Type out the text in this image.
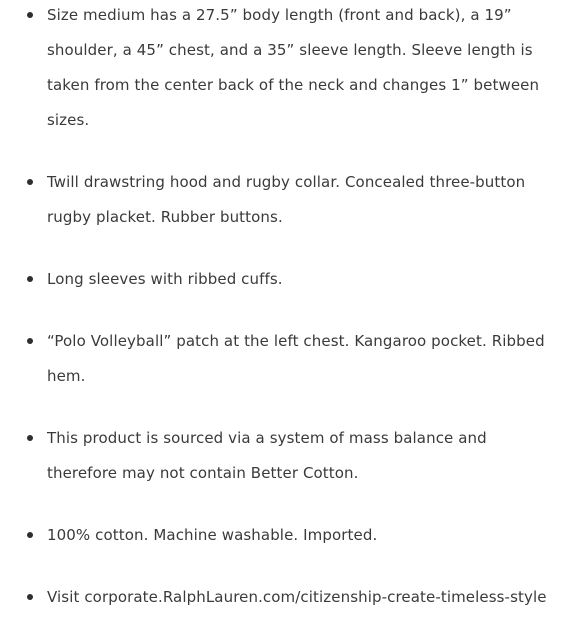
Size medium has a 27.5” body length (front and back), a 19” shoulder, a 45” chest, and a 35” sleeve length. Sleeve length is taken from the center back of the neck and changes 1” between sizes.
Twill drawstring hood and rugby collar. Concealed three-button rugby placket. Rubber buttons.
Long sleeves with ribbed cuffs.
“Polo Volleyball” patch at the left chest. Kangaroo pocket. Ribbed hem.
This product is sourced via a system of mass balance and therefore may not contain Better Cotton.
100% cotton. Machine washable. Imported.
Visit corporate.RalphLauren.com/citizenship-create-timeless-style
